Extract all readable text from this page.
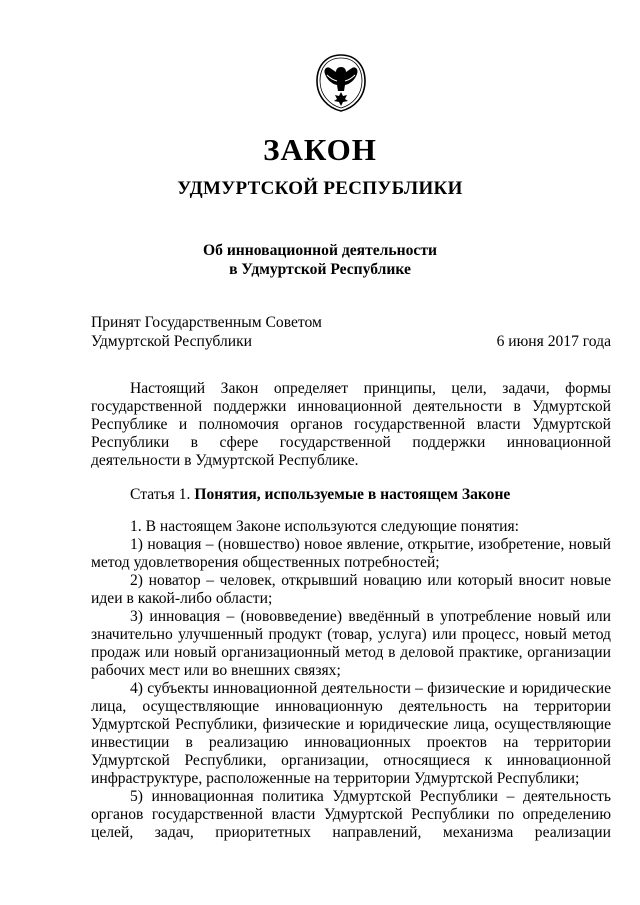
ЗАКОН
УДМУРТСКОЙ РЕСПУБЛИКИ
Об инновационной деятельности
в Удмуртской Республике
Принят Государственным Советом
Удмуртской Республики	6 июня 2017 года

Настоящий Закон определяет принципы, цели, задачи, формы государственной поддержки инновационной деятельности в Удмуртской Республике и полномочия органов государственной власти Удмуртской Республики в сфере государственной поддержки инновационной деятельности в Удмуртской Республике.

Статья 1. Понятия, используемые в настоящем Законе

1. В настоящем Законе используются следующие понятия:

1) новация – (новшество) новое явление, открытие, изобретение, новый метод удовлетворения общественных потребностей;

2) новатор – человек, открывший новацию или который вносит новые идеи в какой-либо области;

3) инновация – (нововведение) введённый в употребление новый или значительно улучшенный продукт (товар, услуга) или процесс, новый метод продаж или новый организационный метод в деловой практике, организации рабочих мест или во внешних связях;

4) субъекты инновационной деятельности – физические и юридические лица, осуществляющие инновационную деятельность на территории Удмуртской Республики, физические и юридические лица, осуществляющие инвестиции в реализацию инновационных проектов на территории Удмуртской Республики, организации, относящиеся к инновационной инфраструктуре, расположенные на территории Удмуртской Республики;

5) инновационная политика Удмуртской Республики – деятельность органов государственной власти Удмуртской Республики по определению целей, задач, приоритетных направлений, механизма реализации
